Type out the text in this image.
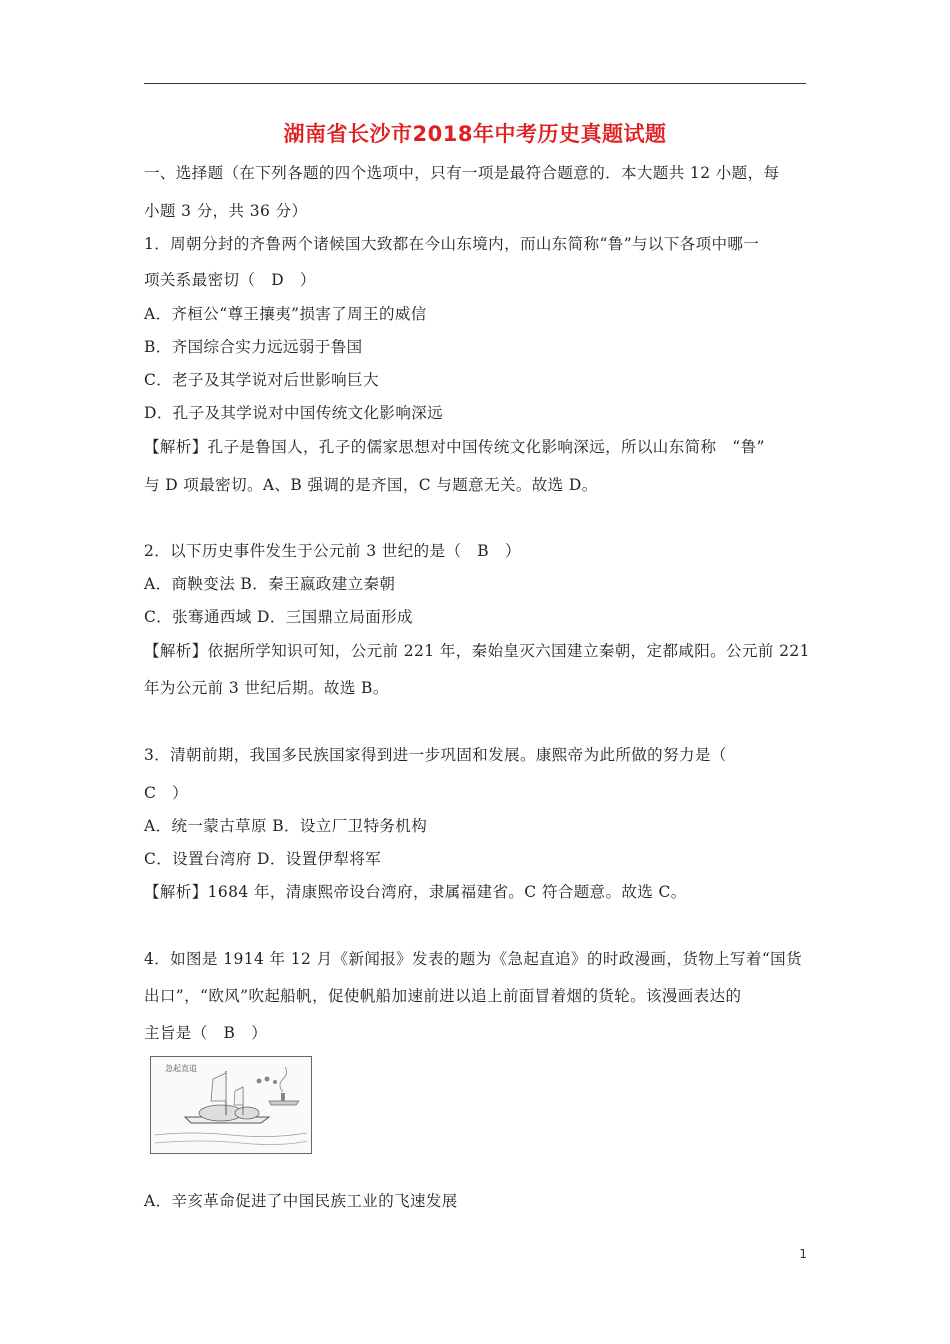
湖南省长沙市2018年中考历史真题试题
一、选择题（在下列各题的四个选项中，只有一项是最符合题意的．本大题共 12 小题，每
小题 3 分，共 36 分）
1．周朝分封的齐鲁两个诸候国大致都在今山东境内，而山东简称“鲁”与以下各项中哪一
项关系最密切（　D　）
A．齐桓公“尊王攘夷”损害了周王的威信
B．齐国综合实力远远弱于鲁国
C．老子及其学说对后世影响巨大
D．孔子及其学说对中国传统文化影响深远
【解析】孔子是鲁国人，孔子的儒家思想对中国传统文化影响深远，所以山东简称　“鲁”
与 D 项最密切。A、B 强调的是齐国，C 与题意无关。故选 D。
2．以下历史事件发生于公元前 3 世纪的是（　B　）
A．商鞅变法 B．秦王嬴政建立秦朝
C．张骞通西域 D．三国鼎立局面形成
【解析】依据所学知识可知，公元前 221 年，秦始皇灭六国建立秦朝，定都咸阳。公元前 221
年为公元前 3 世纪后期。故选 B。
3．清朝前期，我国多民族国家得到进一步巩固和发展。康熙帝为此所做的努力是（
C　）
A．统一蒙古草原 B．设立厂卫特务机构
C．设置台湾府 D．设置伊犁将军
【解析】1684 年，清康熙帝设台湾府，隶属福建省。C 符合题意。故选 C。
4．如图是 1914 年 12 月《新闻报》发表的题为《急起直追》的时政漫画，货物上写着“国货
出口”，“欧风”吹起船帆，促使帆船加速前进以追上前面冒着烟的货轮。该漫画表达的
主旨是（　B　）
急起直追
A．辛亥革命促进了中国民族工业的飞速发展
1
